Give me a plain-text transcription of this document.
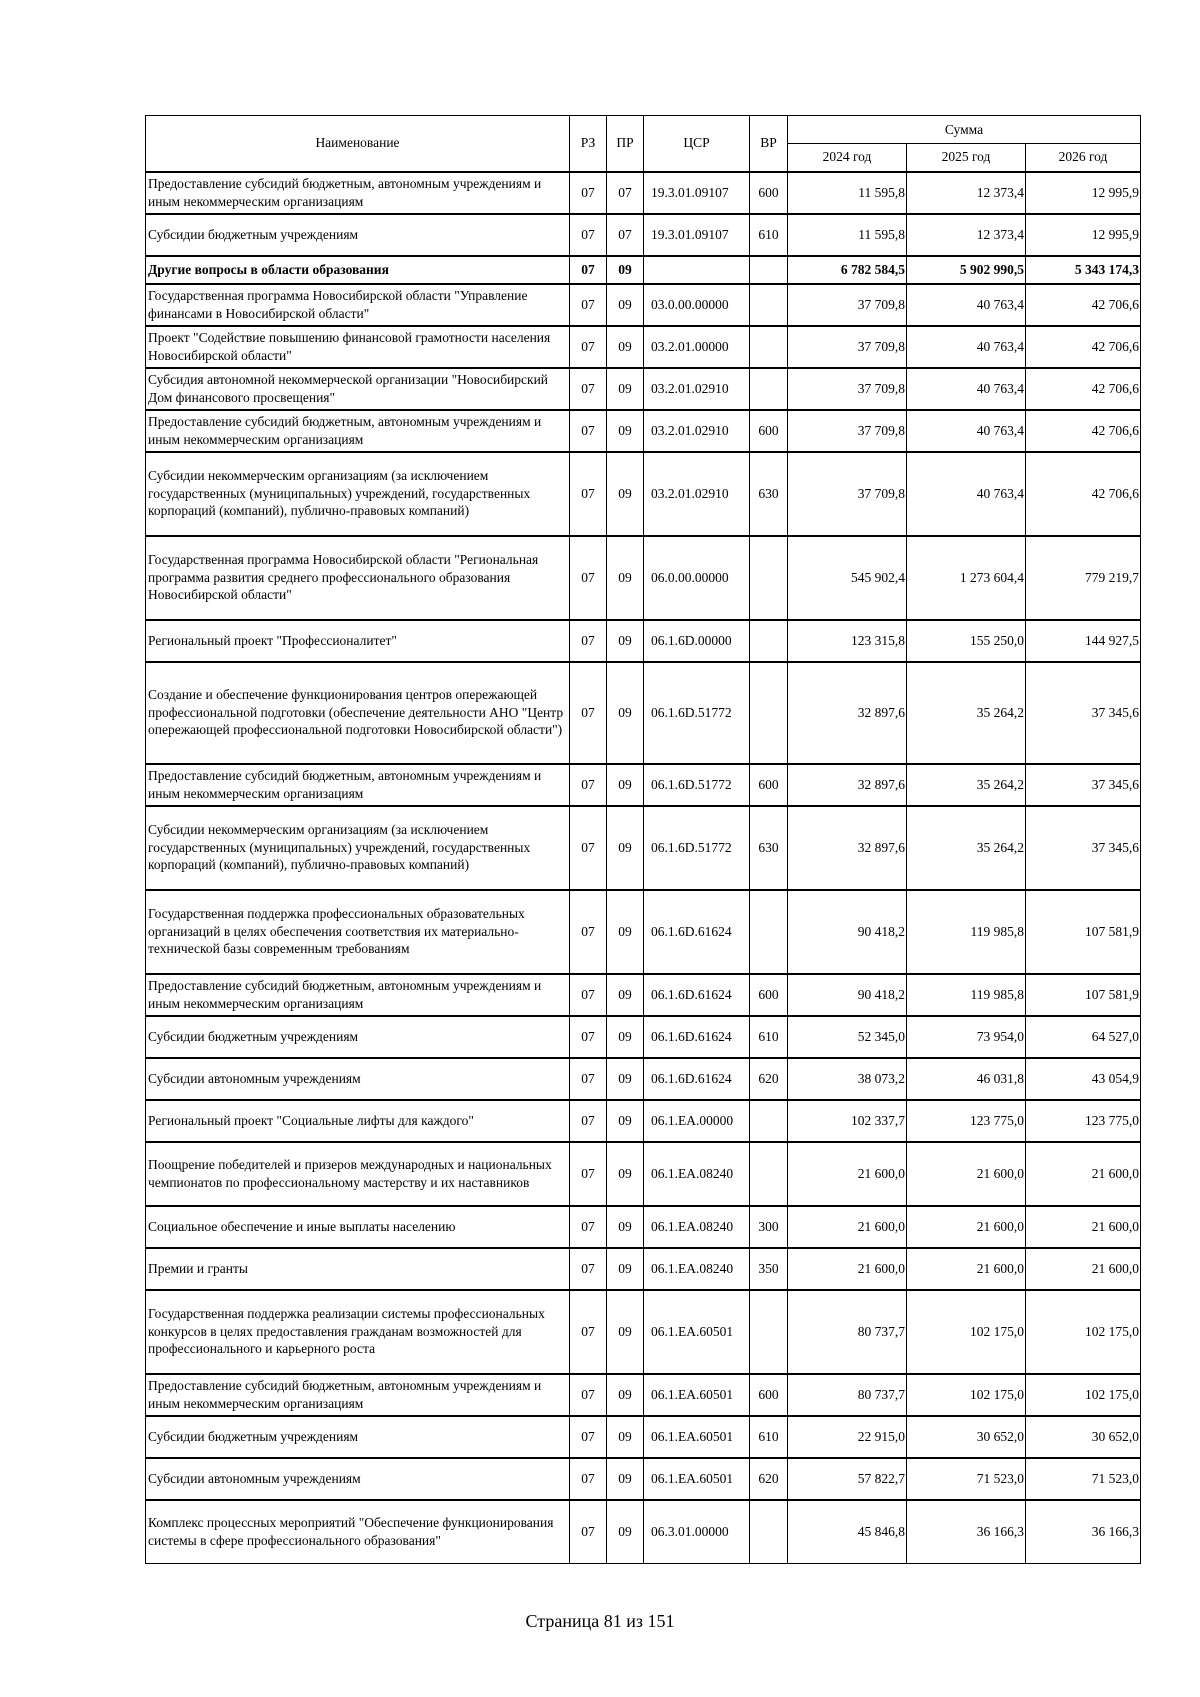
Наименование	РЗ	ПР	ЦСР	ВР	Сумма		
					2024 год	2025 год	2026 год
Предоставление субсидий бюджетным, автономным учреждениям и иным некоммерческим организациям	07	07	19.3.01.09107	600	11 595,8	12 373,4	12 995,9
Субсидии бюджетным учреждениям	07	07	19.3.01.09107	610	11 595,8	12 373,4	12 995,9
Другие вопросы в области образования	07	09			6 782 584,5	5 902 990,5	5 343 174,3
Государственная программа Новосибирской области "Управление финансами в Новосибирской области"	07	09	03.0.00.00000		37 709,8	40 763,4	42 706,6
Проект "Содействие повышению финансовой грамотности населения Новосибирской области"	07	09	03.2.01.00000		37 709,8	40 763,4	42 706,6
Субсидия автономной некоммерческой организации "Новосибирский Дом финансового просвещения"	07	09	03.2.01.02910		37 709,8	40 763,4	42 706,6
Предоставление субсидий бюджетным, автономным учреждениям и иным некоммерческим организациям	07	09	03.2.01.02910	600	37 709,8	40 763,4	42 706,6
Субсидии некоммерческим организациям (за исключением государственных (муниципальных) учреждений, государственных корпораций (компаний), публично-правовых компаний)	07	09	03.2.01.02910	630	37 709,8	40 763,4	42 706,6
Государственная программа Новосибирской области "Региональная программа развития среднего профессионального образования Новосибирской области"	07	09	06.0.00.00000		545 902,4	1 273 604,4	779 219,7
Региональный проект "Профессионалитет"	07	09	06.1.6D.00000		123 315,8	155 250,0	144 927,5
Создание и обеспечение функционирования центров опережающей профессиональной подготовки (обеспечение деятельности АНО "Центр опережающей профессиональной подготовки Новосибирской области")	07	09	06.1.6D.51772		32 897,6	35 264,2	37 345,6
Предоставление субсидий бюджетным, автономным учреждениям и иным некоммерческим организациям	07	09	06.1.6D.51772	600	32 897,6	35 264,2	37 345,6
Субсидии некоммерческим организациям (за исключением государственных (муниципальных) учреждений, государственных корпораций (компаний), публично-правовых компаний)	07	09	06.1.6D.51772	630	32 897,6	35 264,2	37 345,6
Государственная поддержка профессиональных образовательных организаций в целях обеспечения соответствия их материально-технической базы современным требованиям	07	09	06.1.6D.61624		90 418,2	119 985,8	107 581,9
Предоставление субсидий бюджетным, автономным учреждениям и иным некоммерческим организациям	07	09	06.1.6D.61624	600	90 418,2	119 985,8	107 581,9
Субсидии бюджетным учреждениям	07	09	06.1.6D.61624	610	52 345,0	73 954,0	64 527,0
Субсидии автономным учреждениям	07	09	06.1.6D.61624	620	38 073,2	46 031,8	43 054,9
Региональный проект "Социальные лифты для каждого"	07	09	06.1.EA.00000		102 337,7	123 775,0	123 775,0
Поощрение победителей и призеров международных и национальных чемпионатов по профессиональному мастерству и их наставников	07	09	06.1.EA.08240		21 600,0	21 600,0	21 600,0
Социальное обеспечение и иные выплаты населению	07	09	06.1.EA.08240	300	21 600,0	21 600,0	21 600,0
Премии и гранты	07	09	06.1.EA.08240	350	21 600,0	21 600,0	21 600,0
Государственная поддержка реализации системы профессиональных конкурсов в целях предоставления гражданам возможностей для профессионального и карьерного роста	07	09	06.1.EA.60501		80 737,7	102 175,0	102 175,0
Предоставление субсидий бюджетным, автономным учреждениям и иным некоммерческим организациям	07	09	06.1.EA.60501	600	80 737,7	102 175,0	102 175,0
Субсидии бюджетным учреждениям	07	09	06.1.EA.60501	610	22 915,0	30 652,0	30 652,0
Субсидии автономным учреждениям	07	09	06.1.EA.60501	620	57 822,7	71 523,0	71 523,0
Комплекс процессных мероприятий "Обеспечение функционирования системы в сфере профессионального образования"	07	09	06.3.01.00000		45 846,8	36 166,3	36 166,3
Страница 81 из 151
